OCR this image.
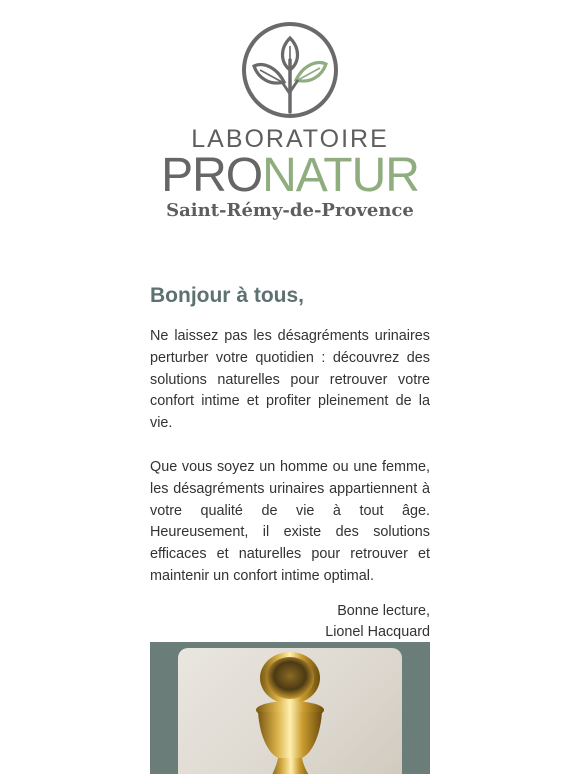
LABORATOIRE
PRONATUR
Saint-Rémy-de-Provence
Bonjour à tous,

Ne laissez pas les désagréments urinaires perturber votre quotidien : découvrez des solutions naturelles pour retrouver votre confort intime et profiter pleinement de la vie.

Que vous soyez un homme ou une femme, les désagréments urinaires appartiennent à votre qualité de vie à tout âge. Heureusement, il existe des solutions efficaces et naturelles pour retrouver et maintenir un confort intime optimal.

Bonne lecture,
Lionel Hacquard
